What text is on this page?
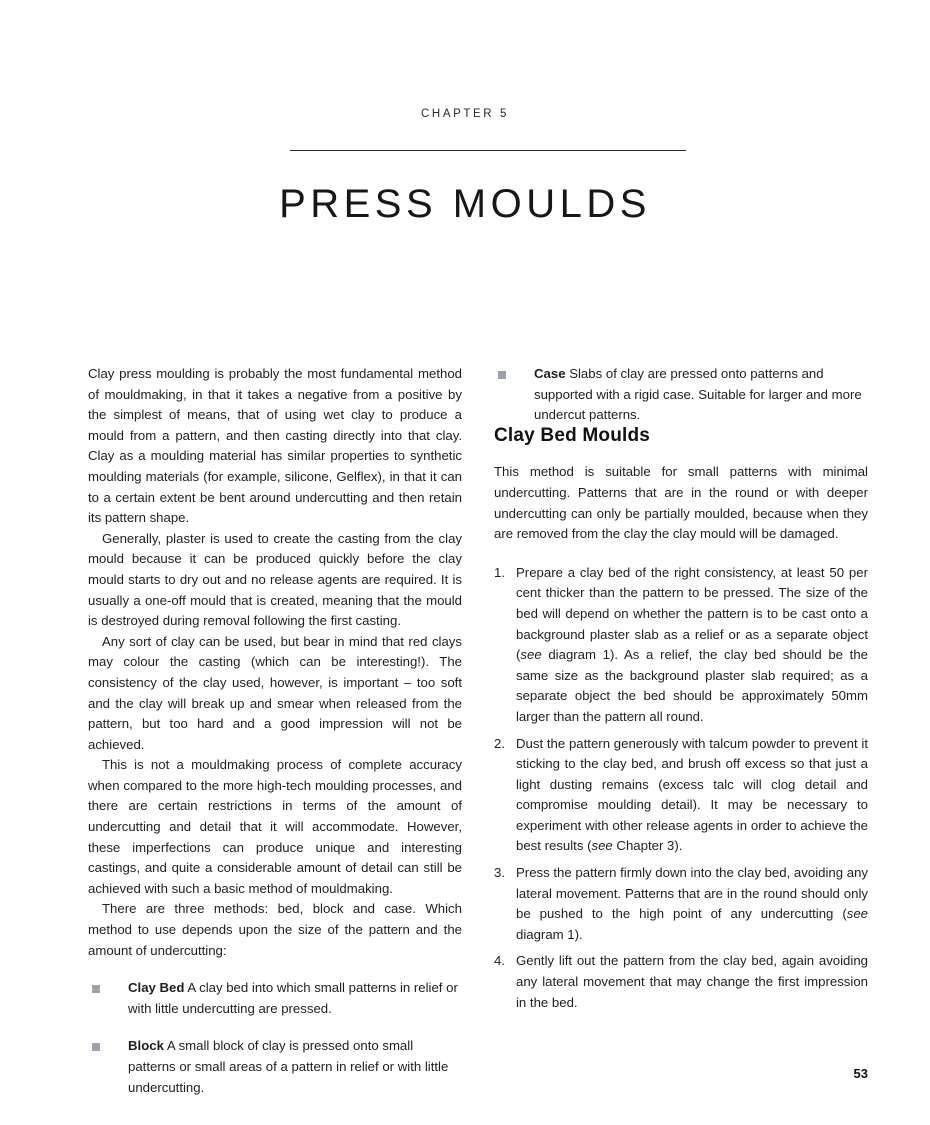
CHAPTER 5
PRESS MOULDS

Clay press moulding is probably the most fundamental method of mouldmaking, in that it takes a negative from a positive by the simplest of means, that of using wet clay to produce a mould from a pattern, and then casting directly into that clay. Clay as a moulding material has similar properties to synthetic moulding materials (for example, silicone, Gelflex), in that it can to a certain extent be bent around undercutting and then retain its pattern shape.

Generally, plaster is used to create the casting from the clay mould because it can be produced quickly before the clay mould starts to dry out and no release agents are required. It is usually a one-off mould that is created, meaning that the mould is destroyed during removal following the first casting.

Any sort of clay can be used, but bear in mind that red clays may colour the casting (which can be interesting!). The consistency of the clay used, however, is important – too soft and the clay will break up and smear when released from the pattern, but too hard and a good impression will not be achieved.

This is not a mouldmaking process of complete accuracy when compared to the more high-tech moulding processes, and there are certain restrictions in terms of the amount of undercutting and detail that it will accommodate. However, these imperfections can produce unique and interesting castings, and quite a considerable amount of detail can still be achieved with such a basic method of mouldmaking.

There are three methods: bed, block and case. Which method to use depends upon the size of the pattern and the amount of undercutting:

Clay Bed A clay bed into which small patterns in relief or with little undercutting are pressed.
Block A small block of clay is pressed onto small patterns or small areas of a pattern in relief or with little undercutting.
Case Slabs of clay are pressed onto patterns and supported with a rigid case. Suitable for larger and more undercut patterns.
Clay Bed Moulds

This method is suitable for small patterns with minimal undercutting. Patterns that are in the round or with deeper undercutting can only be partially moulded, because when they are removed from the clay the clay mould will be damaged.

1. Prepare a clay bed of the right consistency, at least 50 per cent thicker than the pattern to be pressed. The size of the bed will depend on whether the pattern is to be cast onto a background plaster slab as a relief or as a separate object (see diagram 1). As a relief, the clay bed should be the same size as the background plaster slab required; as a separate object the bed should be approximately 50mm larger than the pattern all round.
2. Dust the pattern generously with talcum powder to prevent it sticking to the clay bed, and brush off excess so that just a light dusting remains (excess talc will clog detail and compromise moulding detail). It may be necessary to experiment with other release agents in order to achieve the best results (see Chapter 3).
3. Press the pattern firmly down into the clay bed, avoiding any lateral movement. Patterns that are in the round should only be pushed to the high point of any undercutting (see diagram 1).
4. Gently lift out the pattern from the clay bed, again avoiding any lateral movement that may change the first impression in the bed.
53
